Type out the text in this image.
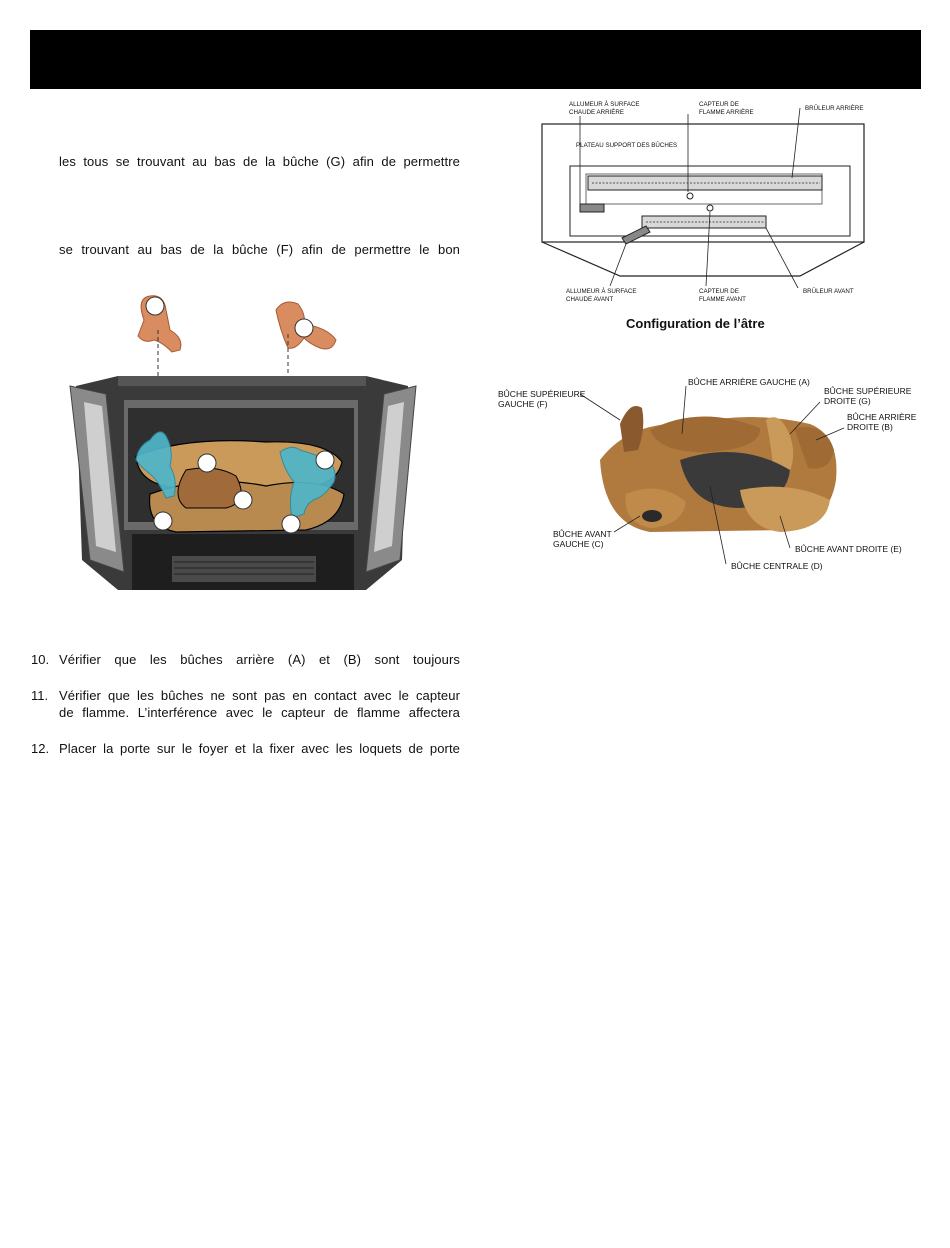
les tous se trouvant au bas de la bûche (G) afin de permettre
se trouvant au bas de la bûche (F) afin de permettre le bon
10. Vérifier que les bûches arrière (A) et (B) sont toujours
11. Vérifier que les bûches ne sont pas en contact avec le capteur
de flamme. L’interférence avec le capteur de flamme affectera
12. Placer la porte sur le foyer et la fixer avec les loquets de porte
ALLUMEUR À SURFACE
CHAUDE ARRIÈRE
CAPTEUR DE
FLAMME ARRIÈRE
BRÛLEUR ARRIÈRE
PLATEAU SUPPORT DES BÛCHES
ALLUMEUR À SURFACE
CHAUDE AVANT
CAPTEUR DE
FLAMME AVANT
BRÛLEUR AVANT
Configuration de l’âtre
BÛCHE SUPÉRIEURE
GAUCHE (F)
BÛCHE ARRIÈRE GAUCHE (A)
BÛCHE SUPÉRIEURE
DROITE (G)
BÛCHE ARRIÈRE
DROITE (B)
BÛCHE AVANT
GAUCHE (C)	BÛCHE AVANT DROITE (E)
BÛCHE CENTRALE (D)
